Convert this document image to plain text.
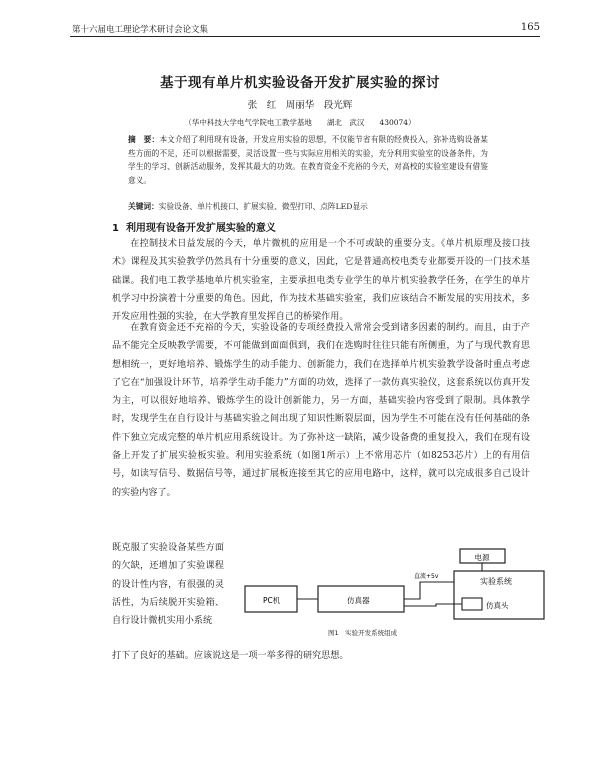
第十六届电工理论学术研讨会论文集	165
基于现有单片机实验设备开发扩展实验的探讨
张　红　周丽华　段光辉
（华中科技大学电气学院电工教学基地　　湖北　武汉　　430074）
摘　要：本文介绍了利用现有设备，开发应用实验的思想，不仅能节省有限的经费投入，弥补选购设备某些方面的不足，还可以根据需要，灵活设置一些与实际应用相关的实验，充分利用实验室的设备条件，为学生的学习、创新活动服务，发挥其最大的功效。在教育资金不充裕的今天，对高校的实验室建设有借鉴意义。
关键词：实验设备、单片机接口、扩展实验、微型打印、点阵LED显示
1 利用现有设备开发扩展实验的意义

在控制技术日益发展的今天，单片微机的应用是一个不可或缺的重要分支。《单片机原理及接口技术》课程及其实验教学仍然具有十分重要的意义，因此，它是普通高校电类专业都要开设的一门技术基础课。我们电工教学基地单片机实验室，主要承担电类专业学生的单片机实验教学任务，在学生的单片机学习中扮演着十分重要的角色。因此，作为技术基础实验室，我们应该结合不断发展的实用技术，多开发应用性强的实验，在大学教育里发挥自己的桥梁作用。

在教育资金还不充裕的今天，实验设备的专项经费投入常常会受到诸多因素的制约。而且，由于产品不能完全反映教学需要，不可能做到面面俱到，我们在选购时往往只能有所侧重，为了与现代教育思想相统一，更好地培养、锻炼学生的动手能力、创新能力，我们在选择单片机实验教学设备时重点考虑了它在“加强设计环节，培养学生动手能力”方面的功效，选择了一款仿真实验仪，这套系统以仿真开发为主，可以很好地培养、锻炼学生的设计创新能力，另一方面，基础实验内容受到了限制。具体教学时，发现学生在自行设计与基础实验之间出现了知识性断裂层面，因为学生不可能在没有任何基础的条件下独立完成完整的单片机应用系统设计。为了弥补这一缺陷，减少设备费的重复投入，我们在现有设备上开发了扩展实验板实验。利用实验系统（如图1所示）上不常用芯片（如8253芯片）上的有用信号，如读写信号、数据信号等，通过扩展板连接至其它的应用电路中，这样，就可以完成很多自己设计的实验内容了。

既克服了实验设备某些方面的欠缺，还增加了实验课程的设计性内容，有很强的灵活性，为后续脱开实验箱、自行设计微机实用小系统
打下了良好的基础。应该说这是一项一举多得的研究思想。
电源
实验系统
仿真头
PC机	仿真器
直流+5v
图1　实验开发系统组成
